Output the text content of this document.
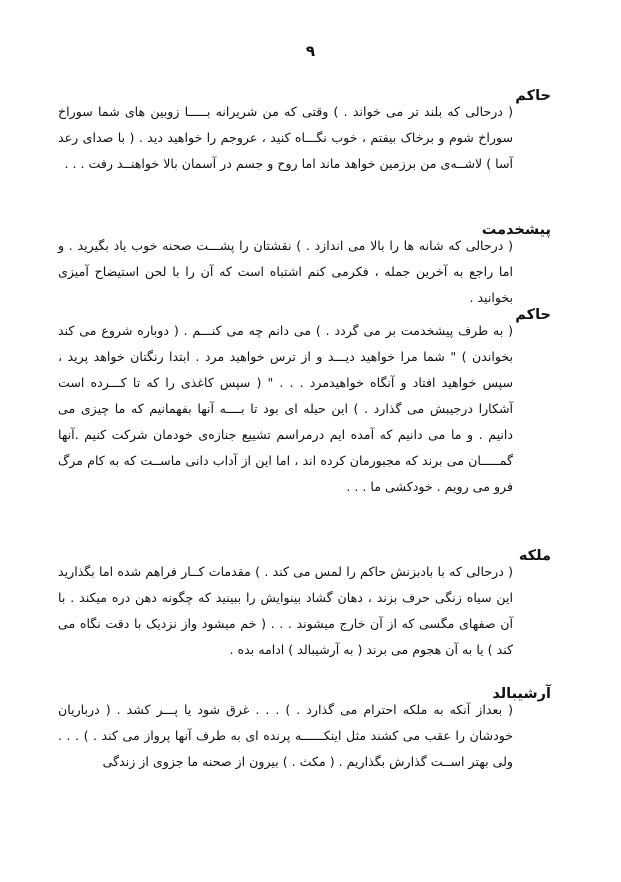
۹
حاکم

( درحالی که بلند تر می خواند . ) وقتی که من شریرانه بـــــا زوبین های شما سوراخ سوراخ شوم و برخاک بیفتم ، خوب نگـــاه کنید ، عروجم را خواهید دید . ( با صدای رعد آسا ) لاشــه‌ی من برزمین خواهد ماند اما روح و جسم در آسمان بالا خواهنــد رفت . . .

پیشخدمت

( درحالی که شانه ها را بالا می اندازد . ) نقشتان را پشـــت صحنه خوب یاد بگیرید . و اما راجع به آخرین جمله ، فکرمی کنم اشتباه است که آن را با لحن استیضاح آمیزی بخوانید .

حاکم

( به طرف پیشخدمت بر می گردد . ) می دانم چه می کنـــم . ( دوباره شروع می کند بخواندن ) " شما مرا خواهید دیـــد و از ترس خواهید مرد . ابتدا رنگتان خواهد پرید ، سپس خواهید افتاد و آنگاه خواهیدمرد . . . " ( سپس کاغذی را که تا کـــرده است آشکارا درجیبش می گذارد . ) این حیله ای بود تا بــــه آنها بفهمانیم که ما چیزی می دانیم . و ما می دانیم که آمده ایم درمراسم تشییع جنازه‌ی خودمان شرکت کنیم .آنها گمـــــان می برند که مجبورمان کرده اند ، اما این از آداب دانی ماســت که به کام مرگ فرو می رویم . خودکشی ما . . .

ملکه

( درحالی که با بادبزنش حاکم را لمس می کند . ) مقدمات کــار فراهم شده اما بگذارید این سیاه زنگی حرف بزند ، دهان گشاد بینوایش را ببینید که چگونه دهن دره میکند . با آن صفهای مگسی که از آن خارج میشوند . . . ( خم میشود واز نزدیک با دقت نگاه می کند ) یا به آن هجوم می برند ( به آرشیبالد ) ادامه بده .

آرشیبالد

( بعداز آنکه به ملکه احترام می گذارد . ) . . . غرق شود یا پـــر کشد . ( درباریان خودشان را عقب می کشند مثل اینکــــــه پرنده ای به طرف آنها پرواز می کند . ) . . . ولی بهتر اســت گذارش بگذاریم . ( مکث . ) بیرون از صحنه ما جزوی از زندگی
